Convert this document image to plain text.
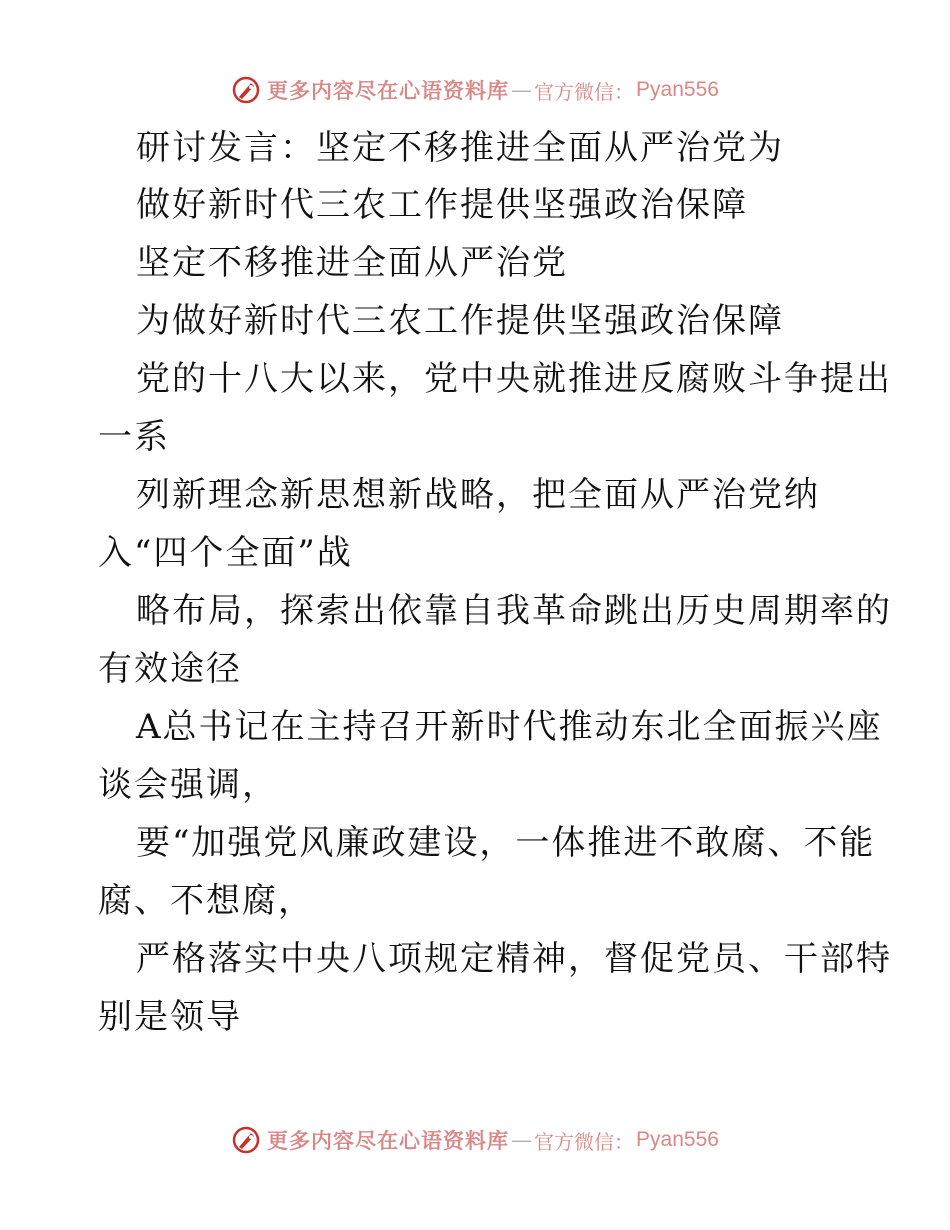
更多内容尽在心语资料库 — 官方微信： Pyan556
研讨发言：坚定不移推进全面从严治党为
做好新时代三农工作提供坚强政治保障
坚定不移推进全面从严治党
为做好新时代三农工作提供坚强政治保障
党的十八大以来，党中央就推进反腐败斗争提出
一系
列新理念新思想新战略，把全面从严治党纳
入“四个全面”战
略布局，探索出依靠自我革命跳出历史周期率的
有效途径
A总书记在主持召开新时代推动东北全面振兴座
谈会强调，
要“加强党风廉政建设，一体推进不敢腐、不能
腐、不想腐，
严格落实中央八项规定精神，督促党员、干部特
别是领导
更多内容尽在心语资料库 — 官方微信： Pyan556
